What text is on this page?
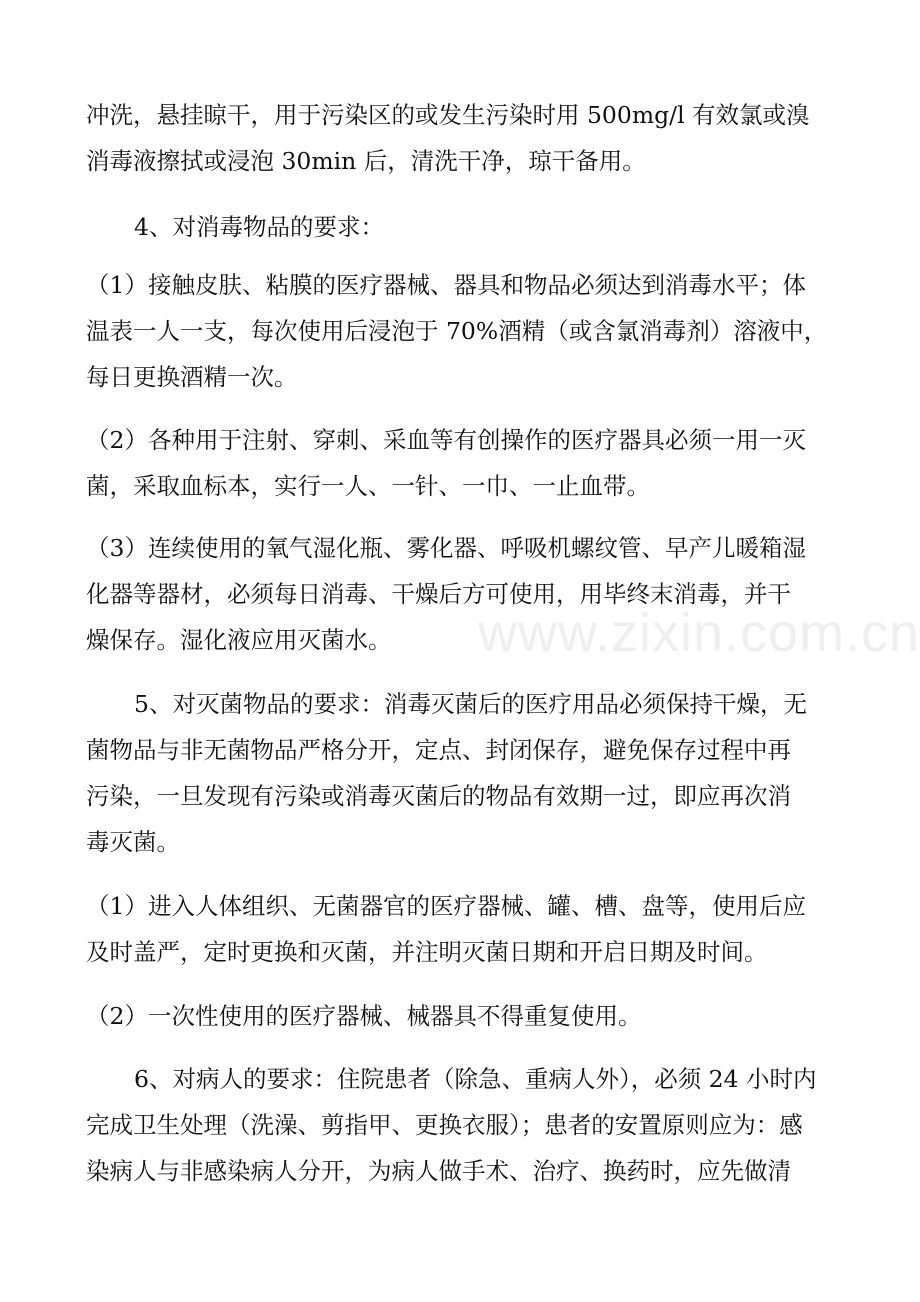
冲洗，悬挂晾干，用于污染区的或发生污染时用 500mg/l 有效氯或溴
消毒液擦拭或浸泡 30min 后，清洗干净，琼干备用。
4、对消毒物品的要求：
（1）接触皮肤、粘膜的医疗器械、器具和物品必须达到消毒水平；体
温表一人一支，每次使用后浸泡于 70%酒精（或含氯消毒剂）溶液中，
每日更换酒精一次。
（2）各种用于注射、穿刺、采血等有创操作的医疗器具必须一用一灭
菌，采取血标本，实行一人、一针、一巾、一止血带。
（3）连续使用的氧气湿化瓶、雾化器、呼吸机螺纹管、早产儿暖箱湿
化器等器材，必须每日消毒、干燥后方可使用，用毕终末消毒，并干
燥保存。湿化液应用灭菌水。
5、对灭菌物品的要求：消毒灭菌后的医疗用品必须保持干燥，无
菌物品与非无菌物品严格分开，定点、封闭保存，避免保存过程中再
污染，一旦发现有污染或消毒灭菌后的物品有效期一过，即应再次消
毒灭菌。
（1）进入人体组织、无菌器官的医疗器械、罐、槽、盘等，使用后应
及时盖严，定时更换和灭菌，并注明灭菌日期和开启日期及时间。
（2）一次性使用的医疗器械、械器具不得重复使用。
6、对病人的要求：住院患者（除急、重病人外），必须 24 小时内
完成卫生处理（洗澡、剪指甲、更换衣服）；患者的安置原则应为：感
染病人与非感染病人分开，为病人做手术、治疗、换药时，应先做清
www.zixin.com.cn
